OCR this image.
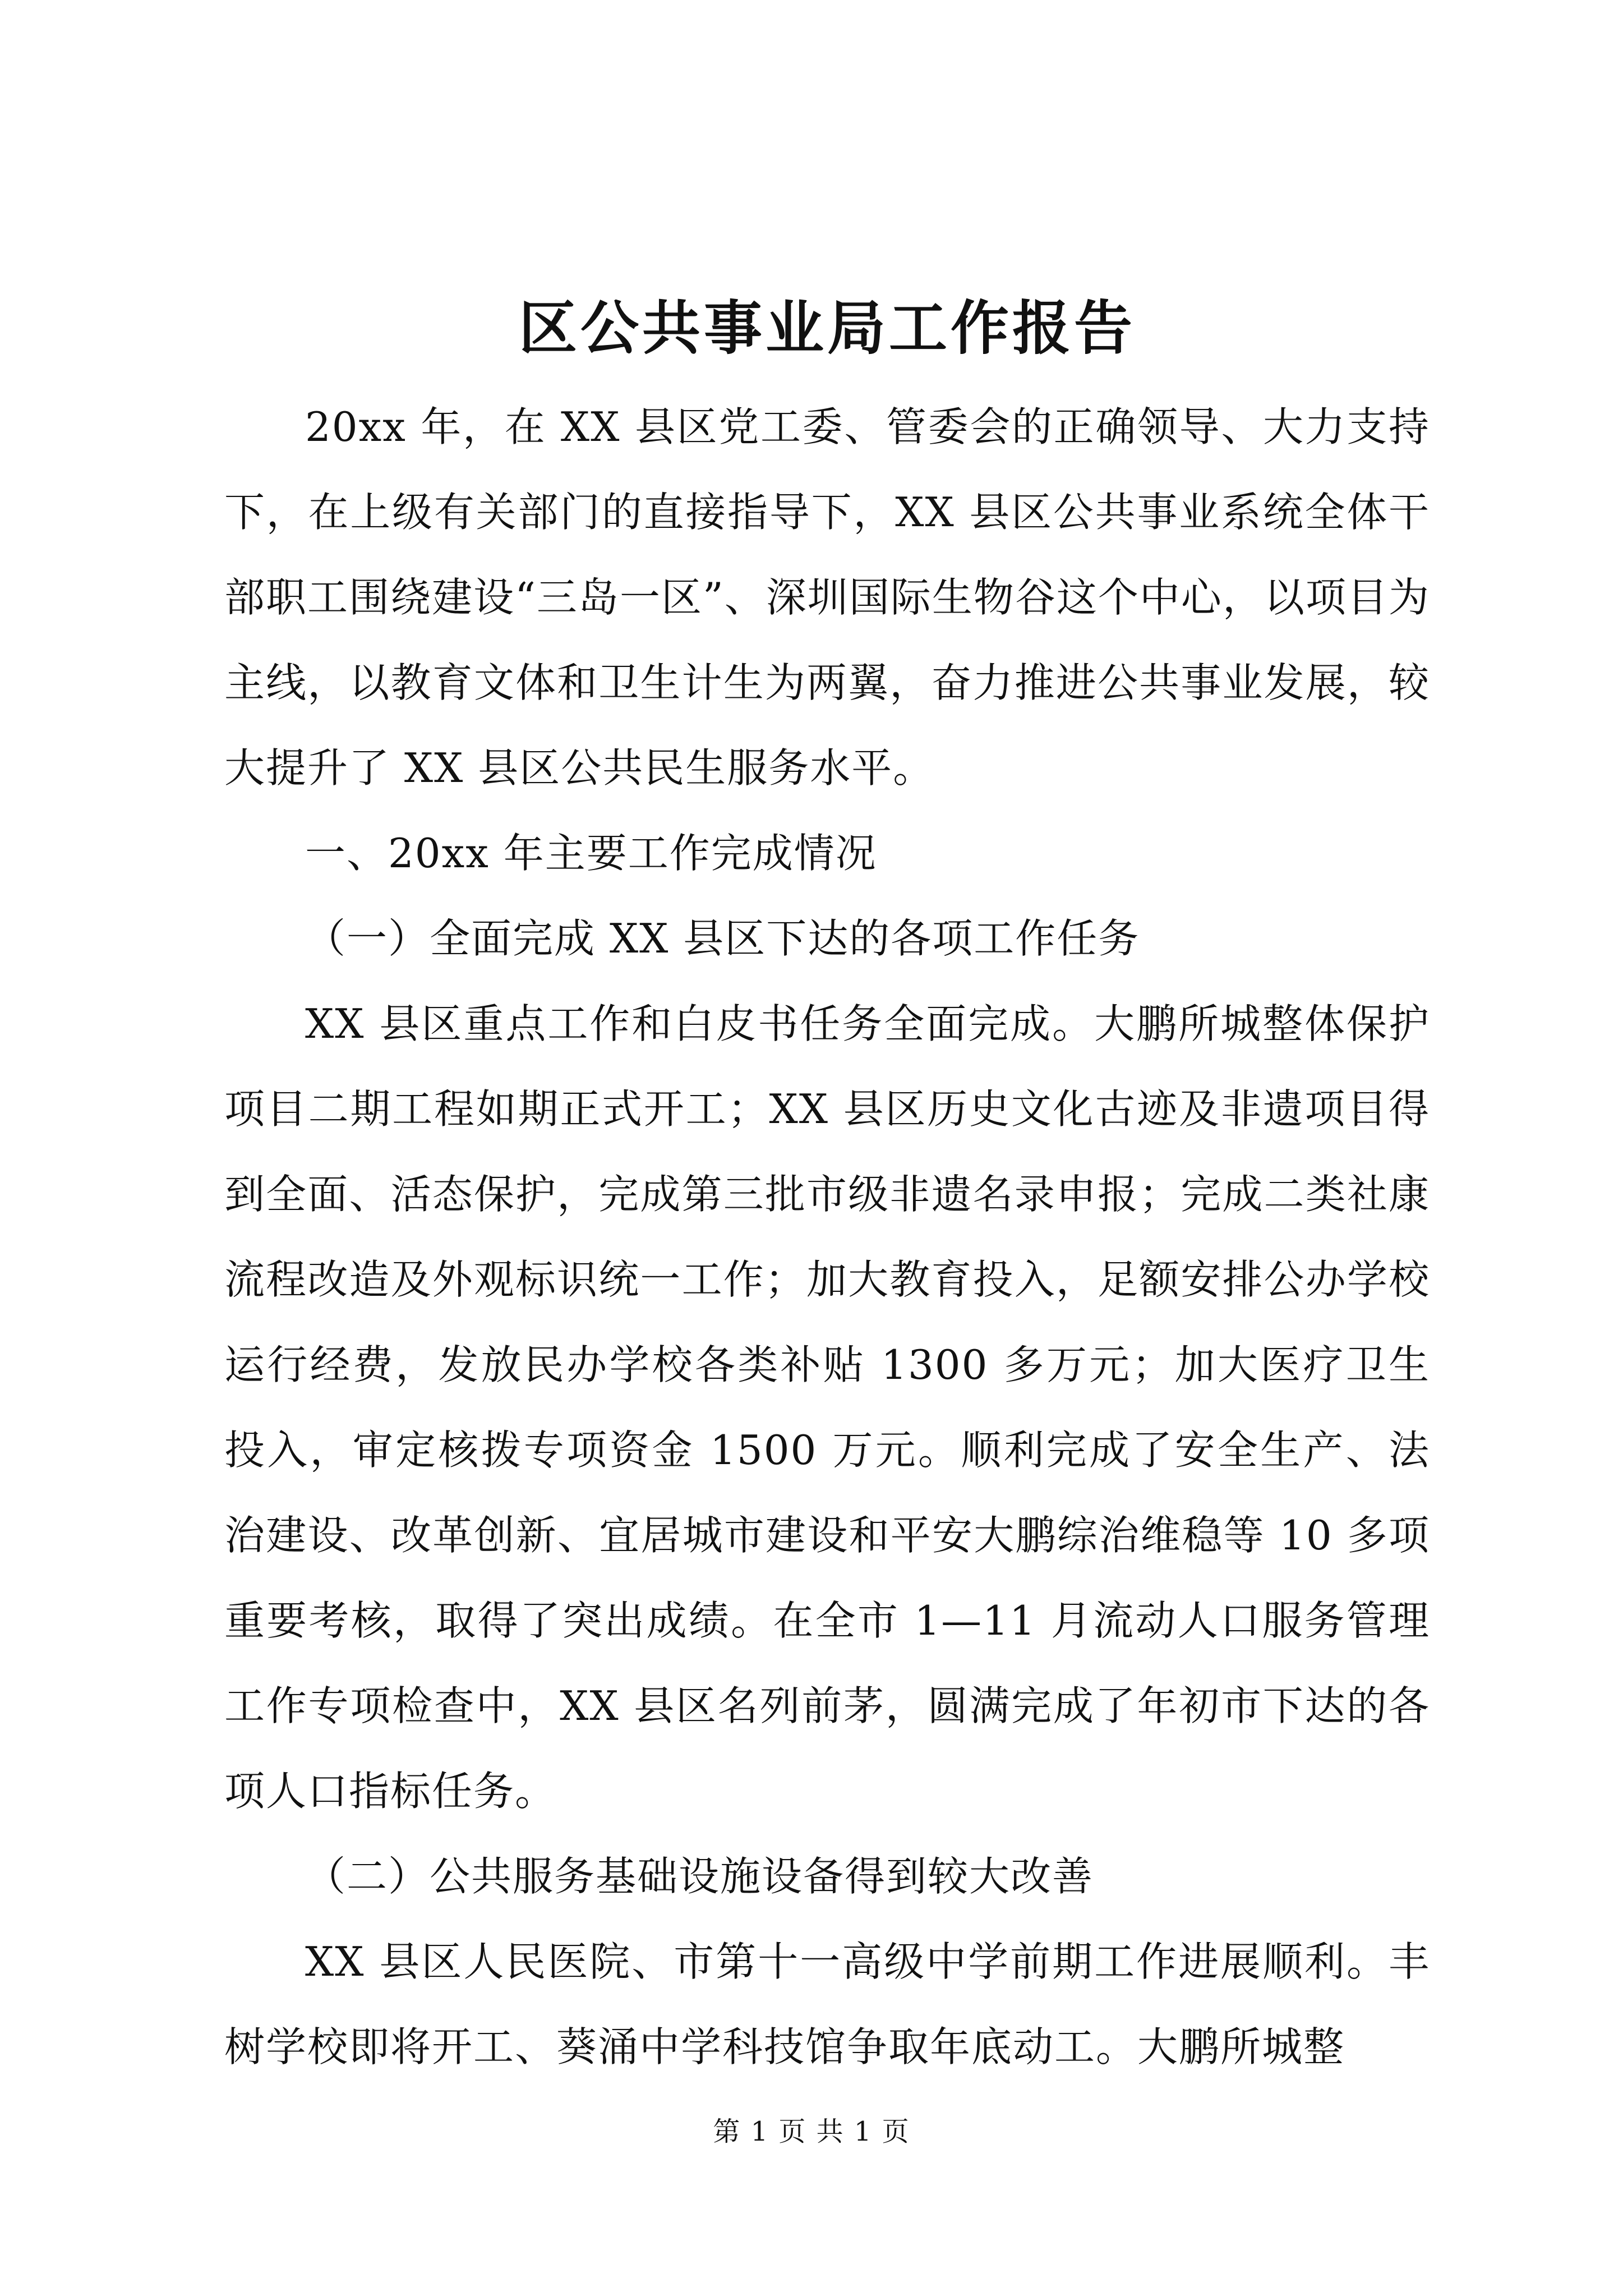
区公共事业局工作报告

20xx 年，在 XX 县区党工委、管委会的正确领导、大力支持下，在上级有关部门的直接指导下，XX 县区公共事业系统全体干部职工围绕建设“三岛一区”、深圳国际生物谷这个中心，以项目为主线，以教育文体和卫生计生为两翼，奋力推进公共事业发展，较大提升了 XX 县区公共民生服务水平。

一、20xx 年主要工作完成情况

（一）全面完成 XX 县区下达的各项工作任务

XX 县区重点工作和白皮书任务全面完成。大鹏所城整体保护项目二期工程如期正式开工；XX 县区历史文化古迹及非遗项目得到全面、活态保护，完成第三批市级非遗名录申报；完成二类社康流程改造及外观标识统一工作；加大教育投入，足额安排公办学校运行经费，发放民办学校各类补贴 1300 多万元；加大医疗卫生投入，审定核拨专项资金 1500 万元。顺利完成了安全生产、法治建设、改革创新、宜居城市建设和平安大鹏综治维稳等 10 多项重要考核，取得了突出成绩。在全市 1—11 月流动人口服务管理工作专项检查中，XX 县区名列前茅，圆满完成了年初市下达的各项人口指标任务。

（二）公共服务基础设施设备得到较大改善

XX 县区人民医院、市第十一高级中学前期工作进展顺利。丰树学校即将开工、葵涌中学科技馆争取年底动工。大鹏所城整

第 1 页 共 1 页
